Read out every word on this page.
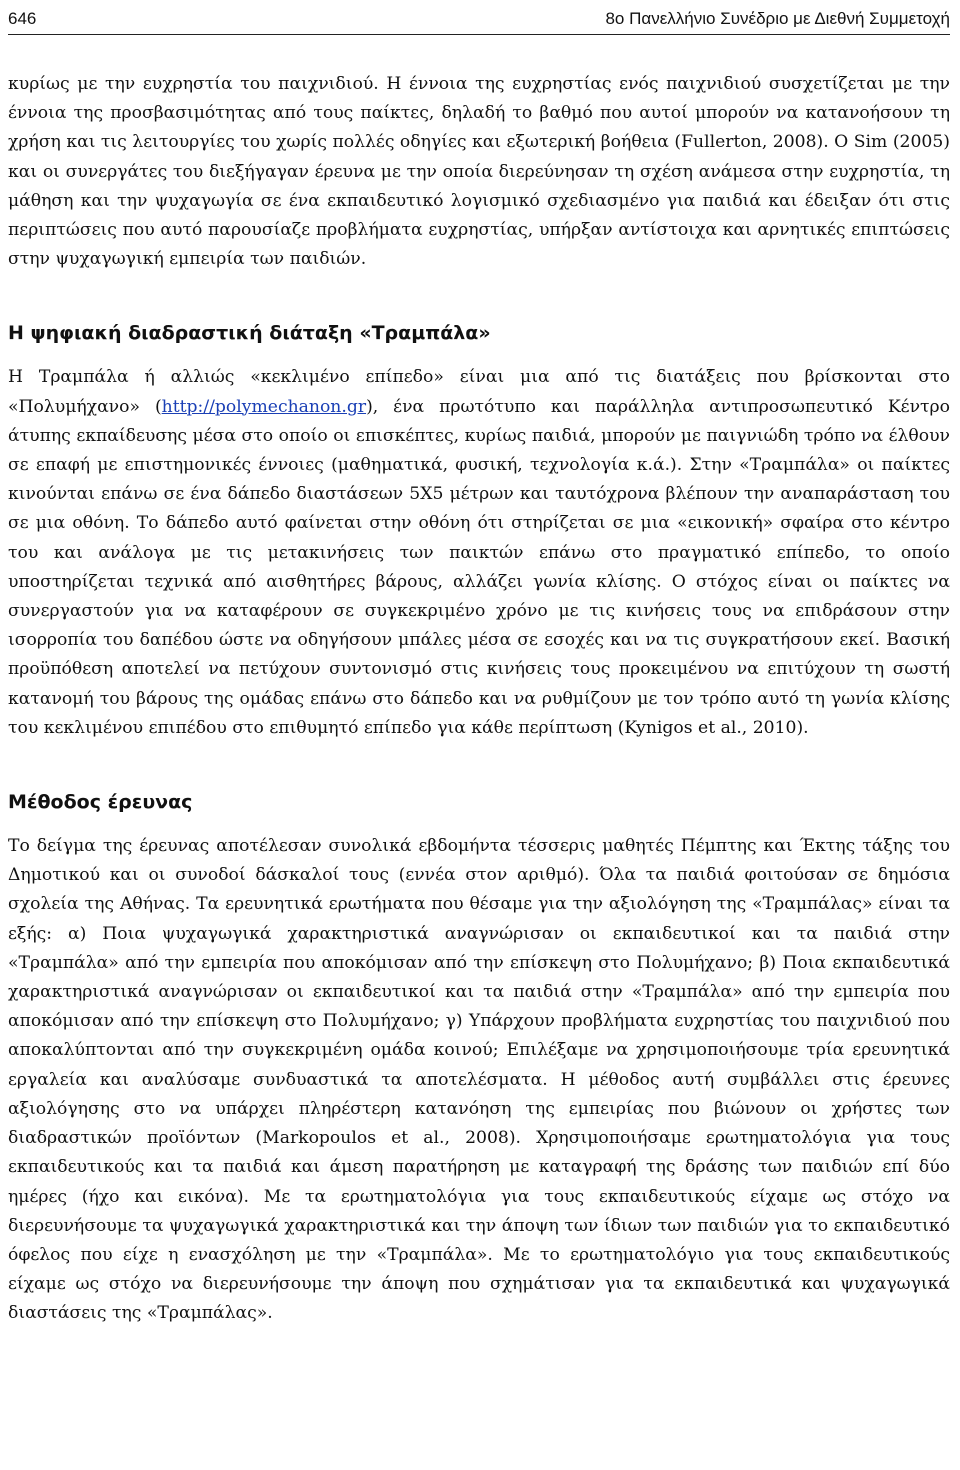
646	8ο Πανελλήνιο Συνέδριο με Διεθνή Συμμετοχή

κυρίως με την ευχρηστία του παιχνιδιού. Η έννοια της ευχρηστίας ενός παιχνιδιού συσχετίζεται με την έννοια της προσβασιμότητας από τους παίκτες, δηλαδή το βαθμό που αυτοί μπορούν να κατανοήσουν τη χρήση και τις λειτουργίες του χωρίς πολλές οδηγίες και εξωτερική βοήθεια (Fullerton, 2008). Ο Sim (2005) και οι συνεργάτες του διεξήγαγαν έρευνα με την οποία διερεύνησαν τη σχέση ανάμεσα στην ευχρηστία, τη μάθηση και την ψυχαγωγία σε ένα εκπαιδευτικό λογισμικό σχεδιασμένο για παιδιά και έδειξαν ότι στις περιπτώσεις που αυτό παρουσίαζε προβλήματα ευχρηστίας, υπήρξαν αντίστοιχα και αρνητικές επιπτώσεις στην ψυχαγωγική εμπειρία των παιδιών.

Η ψηφιακή διαδραστική διάταξη «Τραμπάλα»

Η Τραμπάλα ή αλλιώς «κεκλιμένο επίπεδο» είναι μια από τις διατάξεις που βρίσκονται στο «Πολυμήχανο» (http://polymechanon.gr), ένα πρωτότυπο και παράλληλα αντιπροσωπευτικό Κέντρο άτυπης εκπαίδευσης μέσα στο οποίο οι επισκέπτες, κυρίως παιδιά, μπορούν με παιγνιώδη τρόπο να έλθουν σε επαφή με επιστημονικές έννοιες (μαθηματικά, φυσική, τεχνολογία κ.ά.). Στην «Τραμπάλα» οι παίκτες κινούνται επάνω σε ένα δάπεδο διαστάσεων 5Χ5 μέτρων και ταυτόχρονα βλέπουν την αναπαράσταση του σε μια οθόνη. Το δάπεδο αυτό φαίνεται στην οθόνη ότι στηρίζεται σε μια «εικονική» σφαίρα στο κέντρο του και ανάλογα με τις μετακινήσεις των παικτών επάνω στο πραγματικό επίπεδο, το οποίο υποστηρίζεται τεχνικά από αισθητήρες βάρους, αλλάζει γωνία κλίσης. Ο στόχος είναι οι παίκτες να συνεργαστούν για να καταφέρουν σε συγκεκριμένο χρόνο με τις κινήσεις τους να επιδράσουν στην ισορροπία του δαπέδου ώστε να οδηγήσουν μπάλες μέσα σε εσοχές και να τις συγκρατήσουν εκεί. Βασική προϋπόθεση αποτελεί να πετύχουν συντονισμό στις κινήσεις τους προκειμένου να επιτύχουν τη σωστή κατανομή του βάρους της ομάδας επάνω στο δάπεδο και να ρυθμίζουν με τον τρόπο αυτό τη γωνία κλίσης του κεκλιμένου επιπέδου στο επιθυμητό επίπεδο για κάθε περίπτωση (Kynigos et al., 2010).

Μέθοδος έρευνας

Το δείγμα της έρευνας αποτέλεσαν συνολικά εβδομήντα τέσσερις μαθητές Πέμπτης και Έκτης τάξης του Δημοτικού και οι συνοδοί δάσκαλοί τους (εννέα στον αριθμό). Όλα τα παιδιά φοιτούσαν σε δημόσια σχολεία της Αθήνας. Τα ερευνητικά ερωτήματα που θέσαμε για την αξιολόγηση της «Τραμπάλας» είναι τα εξής: α) Ποια ψυχαγωγικά χαρακτηριστικά αναγνώρισαν οι εκπαιδευτικοί και τα παιδιά στην «Τραμπάλα» από την εμπειρία που αποκόμισαν από την επίσκεψη στο Πολυμήχανο; β) Ποια εκπαιδευτικά χαρακτηριστικά αναγνώρισαν οι εκπαιδευτικοί και τα παιδιά στην «Τραμπάλα» από την εμπειρία που αποκόμισαν από την επίσκεψη στο Πολυμήχανο; γ) Υπάρχουν προβλήματα ευχρηστίας του παιχνιδιού που αποκαλύπτονται από την συγκεκριμένη ομάδα κοινού; Επιλέξαμε να χρησιμοποιήσουμε τρία ερευνητικά εργαλεία και αναλύσαμε συνδυαστικά τα αποτελέσματα. Η μέθοδος αυτή συμβάλλει στις έρευνες αξιολόγησης στο να υπάρχει πληρέστερη κατανόηση της εμπειρίας που βιώνουν οι χρήστες των διαδραστικών προϊόντων (Markopoulos et al., 2008). Χρησιμοποιήσαμε ερωτηματολόγια για τους εκπαιδευτικούς και τα παιδιά και άμεση παρατήρηση με καταγραφή της δράσης των παιδιών επί δύο ημέρες (ήχο και εικόνα). Με τα ερωτηματολόγια για τους εκπαιδευτικούς είχαμε ως στόχο να διερευνήσουμε τα ψυχαγωγικά χαρακτηριστικά και την άποψη των ίδιων των παιδιών για το εκπαιδευτικό όφελος που είχε η ενασχόληση με την «Τραμπάλα». Με το ερωτηματολόγιο για τους εκπαιδευτικούς είχαμε ως στόχο να διερευνήσουμε την άποψη που σχημάτισαν για τα εκπαιδευτικά και ψυχαγωγικά διαστάσεις της «Τραμπάλας».
